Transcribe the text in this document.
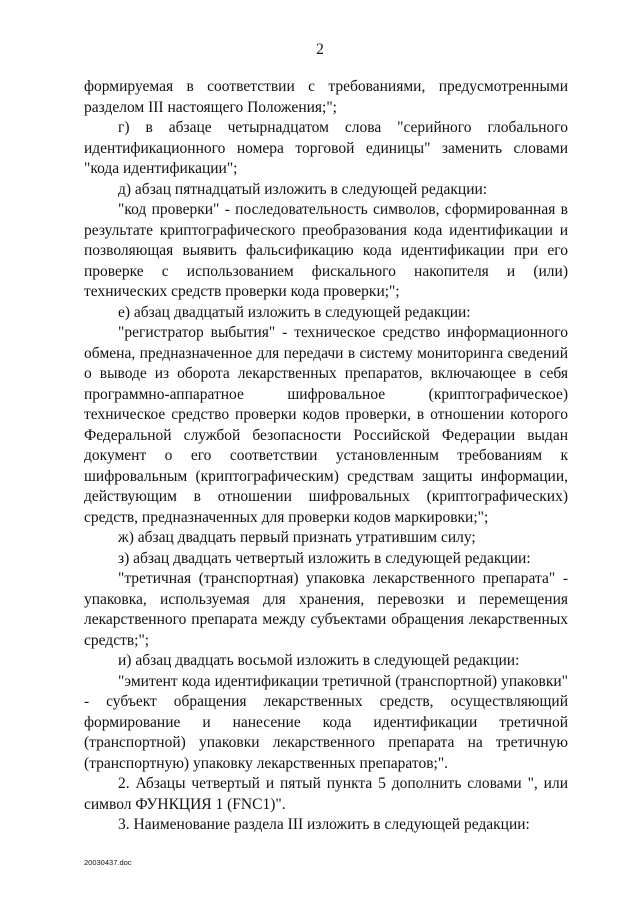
2

формируемая в соответствии с требованиями, предусмотренными разделом III настоящего Положения;";

г) в абзаце четырнадцатом слова "серийного глобального идентификационного номера торговой единицы" заменить словами "кода идентификации";

д) абзац пятнадцатый изложить в следующей редакции:

"код проверки" - последовательность символов, сформированная в результате криптографического преобразования кода идентификации и позволяющая выявить фальсификацию кода идентификации при его проверке с использованием фискального накопителя и (или) технических средств проверки кода проверки;";

е) абзац двадцатый изложить в следующей редакции:

"регистратор выбытия" - техническое средство информационного обмена, предназначенное для передачи в систему мониторинга сведений о выводе из оборота лекарственных препаратов, включающее в себя программно-аппаратное шифровальное (криптографическое) техническое средство проверки кодов проверки, в отношении которого Федеральной службой безопасности Российской Федерации выдан документ о его соответствии установленным требованиям к шифровальным (криптографическим) средствам защиты информации, действующим в отношении шифровальных (криптографических) средств, предназначенных для проверки кодов маркировки;";

ж) абзац двадцать первый признать утратившим силу;

з) абзац двадцать четвертый изложить в следующей редакции:

"третичная (транспортная) упаковка лекарственного препарата" - упаковка, используемая для хранения, перевозки и перемещения лекарственного препарата между субъектами обращения лекарственных средств;";

и) абзац двадцать восьмой изложить в следующей редакции:

"эмитент кода идентификации третичной (транспортной) упаковки" - субъект обращения лекарственных средств, осуществляющий формирование и нанесение кода идентификации третичной (транспортной) упаковки лекарственного препарата на третичную (транспортную) упаковку лекарственных препаратов;".

2. Абзацы четвертый и пятый пункта 5 дополнить словами ", или символ ФУНКЦИЯ 1 (FNC1)".

3. Наименование раздела III изложить в следующей редакции:

20030437.doc
